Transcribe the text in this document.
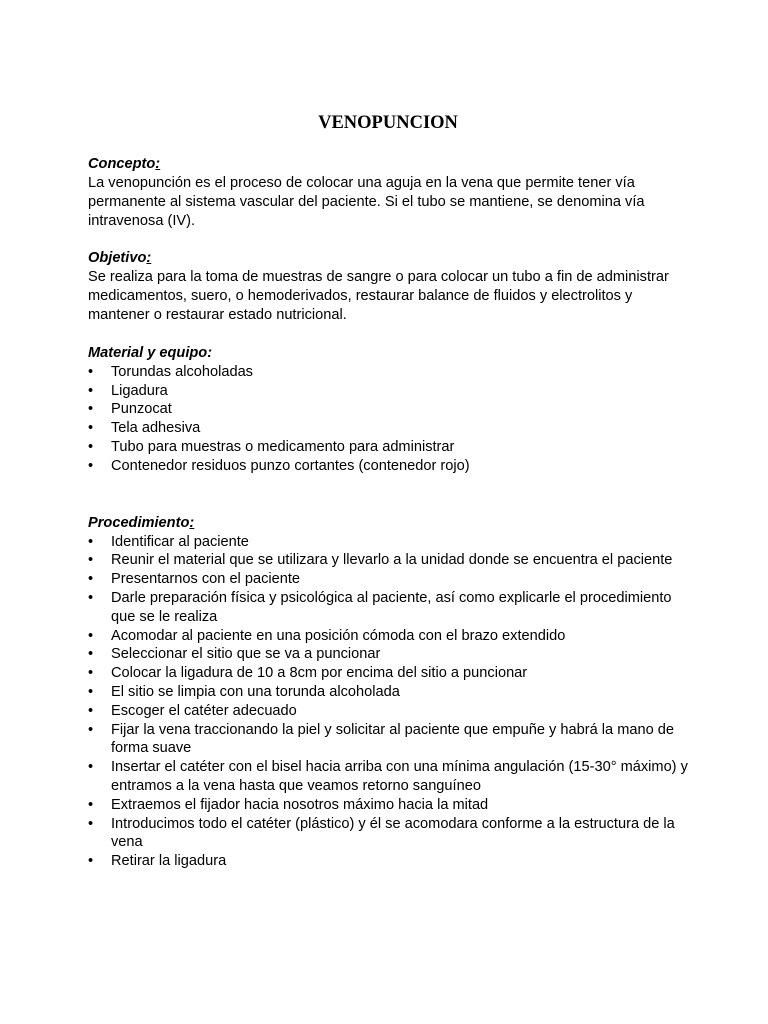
VENOPUNCION

Concepto:

La venopunción es el proceso de colocar una aguja en la vena que permite tener vía permanente al sistema vascular del paciente. Si el tubo se mantiene, se denomina vía intravenosa (IV).

Objetivo:

Se realiza para la toma de muestras de sangre o para colocar un tubo a fin de administrar medicamentos, suero, o hemoderivados, restaurar balance de fluidos y electrolitos y mantener o restaurar estado nutricional.

Material y equipo:

•	Torundas alcoholadas
•	Ligadura
•	Punzocat
•	Tela adhesiva
•	Tubo para muestras o medicamento para administrar
•	Contenedor residuos punzo cortantes (contenedor rojo)

Procedimiento:

•	Identificar al paciente
•	Reunir el material que se utilizara y llevarlo a la unidad donde se encuentra el paciente
•	Presentarnos con el paciente
•	Darle preparación física y psicológica al paciente, así como explicarle el procedimiento que se le realiza
•	Acomodar al paciente en una posición cómoda con el brazo extendido
•	Seleccionar el sitio que se va a puncionar
•	Colocar la ligadura de 10 a 8cm por encima del sitio a puncionar
•	El sitio se limpia con una torunda alcoholada
•	Escoger el catéter adecuado
•	Fijar la vena traccionando la piel y solicitar al paciente que empuñe y habrá la mano de forma suave
•	Insertar el catéter con el bisel hacia arriba con una mínima angulación (15-30° máximo) y entramos a la vena hasta que veamos retorno sanguíneo
•	Extraemos el fijador hacia nosotros máximo hacia la mitad
•	Introducimos todo el catéter (plástico) y él se acomodara conforme a la estructura de la vena
•	Retirar la ligadura
